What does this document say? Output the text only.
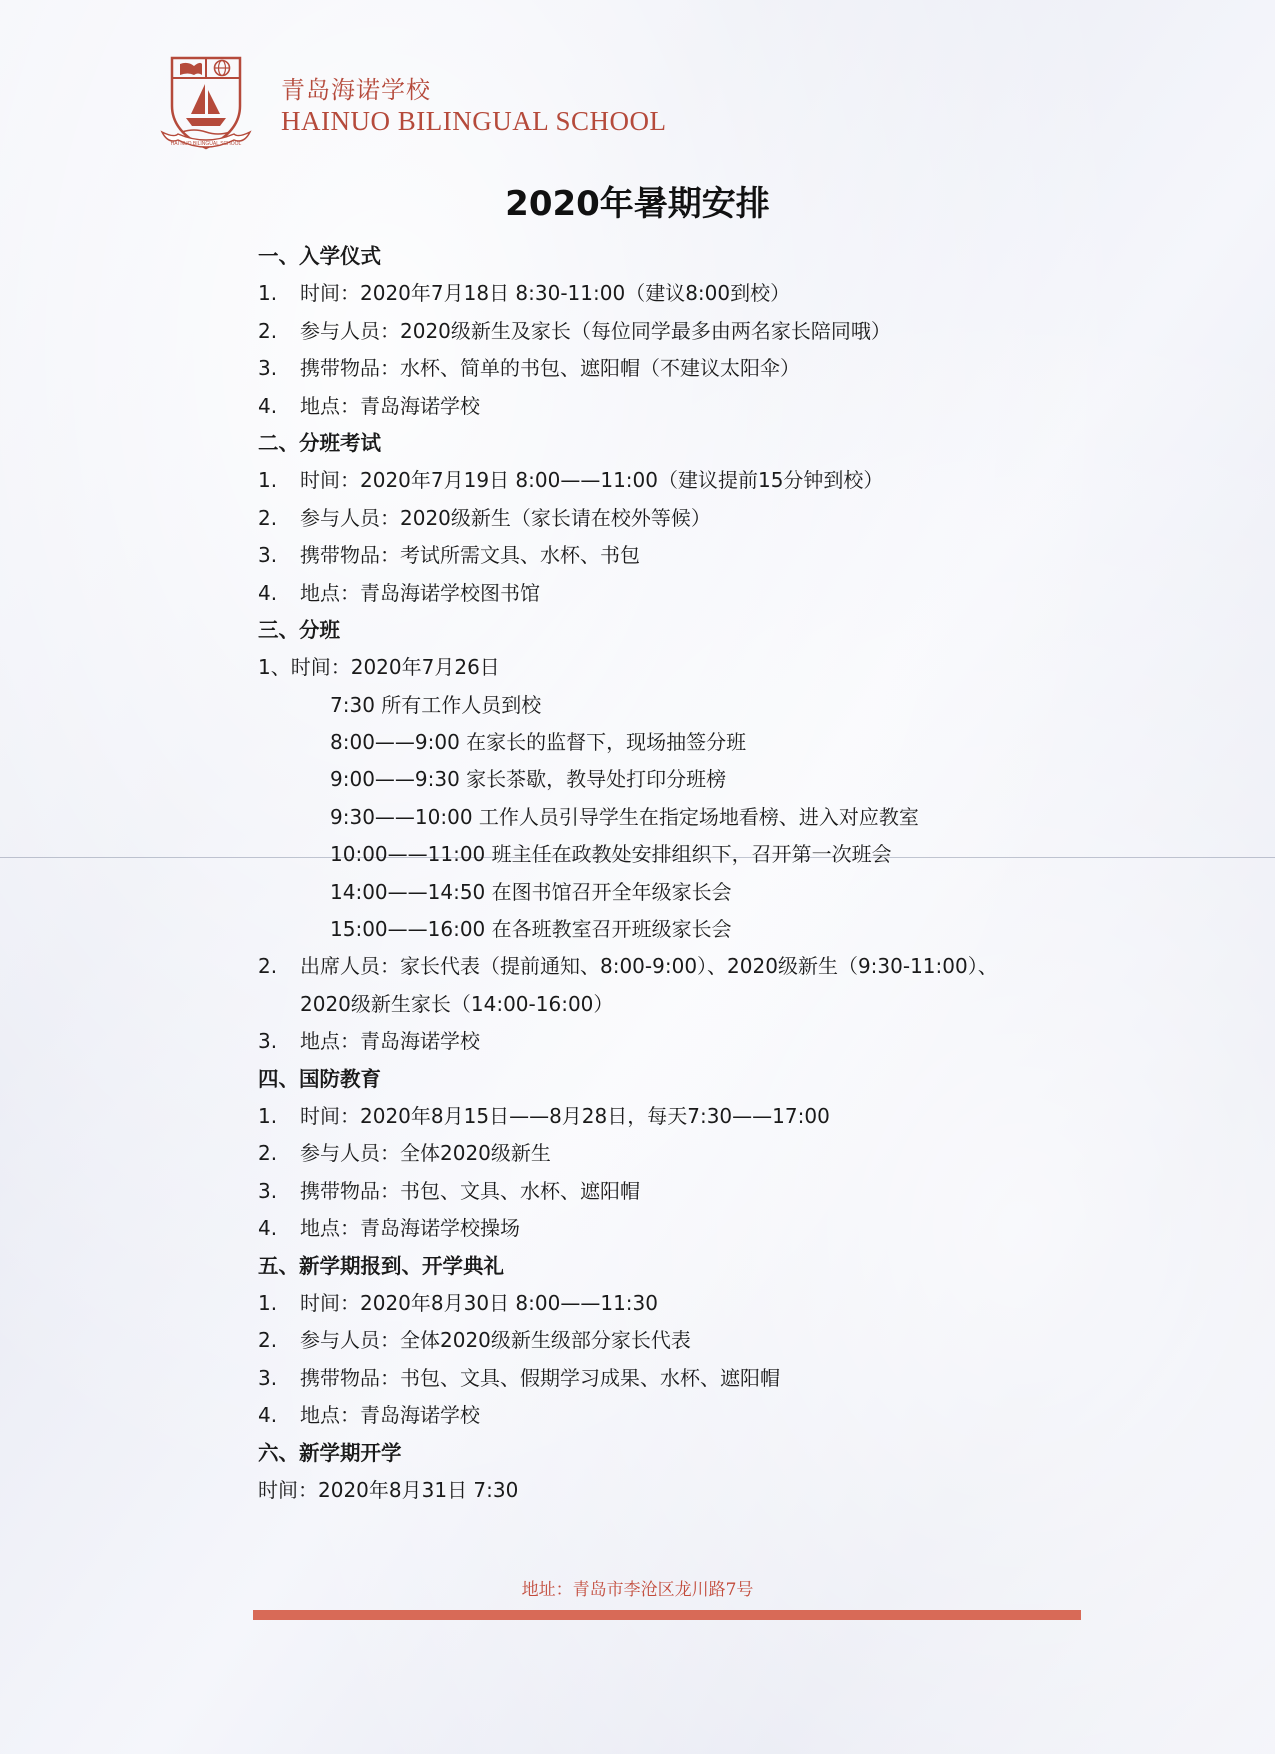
HAI NUO BILINGUAL SCHOOL
青岛海诺学校
HAINUO BILINGUAL SCHOOL
2020年暑期安排
一、入学仪式
1. 时间：2020年7月18日 8:30-11:00（建议8:00到校）
2. 参与人员：2020级新生及家长（每位同学最多由两名家长陪同哦）
3. 携带物品：水杯、简单的书包、遮阳帽（不建议太阳伞）
4. 地点：青岛海诺学校
二、分班考试
1. 时间：2020年7月19日 8:00——11:00（建议提前15分钟到校）
2. 参与人员：2020级新生（家长请在校外等候）
3. 携带物品：考试所需文具、水杯、书包
4. 地点：青岛海诺学校图书馆
三、分班
1、时间：2020年7月26日
7:30 所有工作人员到校
8:00——9:00 在家长的监督下，现场抽签分班
9:00——9:30 家长茶歇，教导处打印分班榜
9:30——10:00 工作人员引导学生在指定场地看榜、进入对应教室
10:00——11:00 班主任在政教处安排组织下，召开第一次班会
14:00——14:50 在图书馆召开全年级家长会
15:00——16:00 在各班教室召开班级家长会
2. 出席人员：家长代表（提前通知、8:00-9:00）、2020级新生（9:30-11:00）、
2020级新生家长（14:00-16:00）
3. 地点：青岛海诺学校
四、国防教育
1. 时间：2020年8月15日——8月28日，每天7:30——17:00
2. 参与人员：全体2020级新生
3. 携带物品：书包、文具、水杯、遮阳帽
4. 地点：青岛海诺学校操场
五、新学期报到、开学典礼
1. 时间：2020年8月30日 8:00——11:30
2. 参与人员：全体2020级新生级部分家长代表
3. 携带物品：书包、文具、假期学习成果、水杯、遮阳帽
4. 地点：青岛海诺学校
六、新学期开学
时间：2020年8月31日 7:30
地址：青岛市李沧区龙川路7号
